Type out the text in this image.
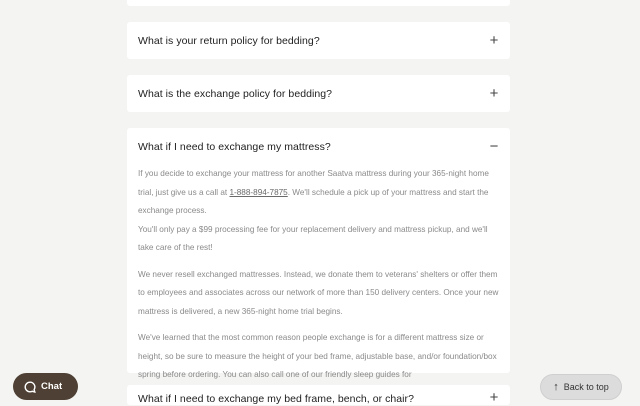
What is your return policy for bedding?	+
What is the exchange policy for bedding?	+
What if I need to exchange my mattress?	−

If you decide to exchange your mattress for another Saatva mattress during your 365-night home trial, just give us a call at 1-888-894-7875. We'll schedule a pick up of your mattress and start the exchange process.
You'll only pay a $99 processing fee for your replacement delivery and mattress pickup, and we'll take care of the rest!

We never resell exchanged mattresses. Instead, we donate them to veterans' shelters or offer them to employees and associates across our network of more than 150 delivery centers. Once your new mattress is delivered, a new 365-night home trial begins.

We've learned that the most common reason people exchange is for a different mattress size or height, so be sure to measure the height of your bed frame, adjustable base, and/or foundation/box spring before ordering. You can also call one of our friendly sleep guides for

What if I need to exchange my bed frame, bench, or chair?	+
Chat	↑ Back to top
